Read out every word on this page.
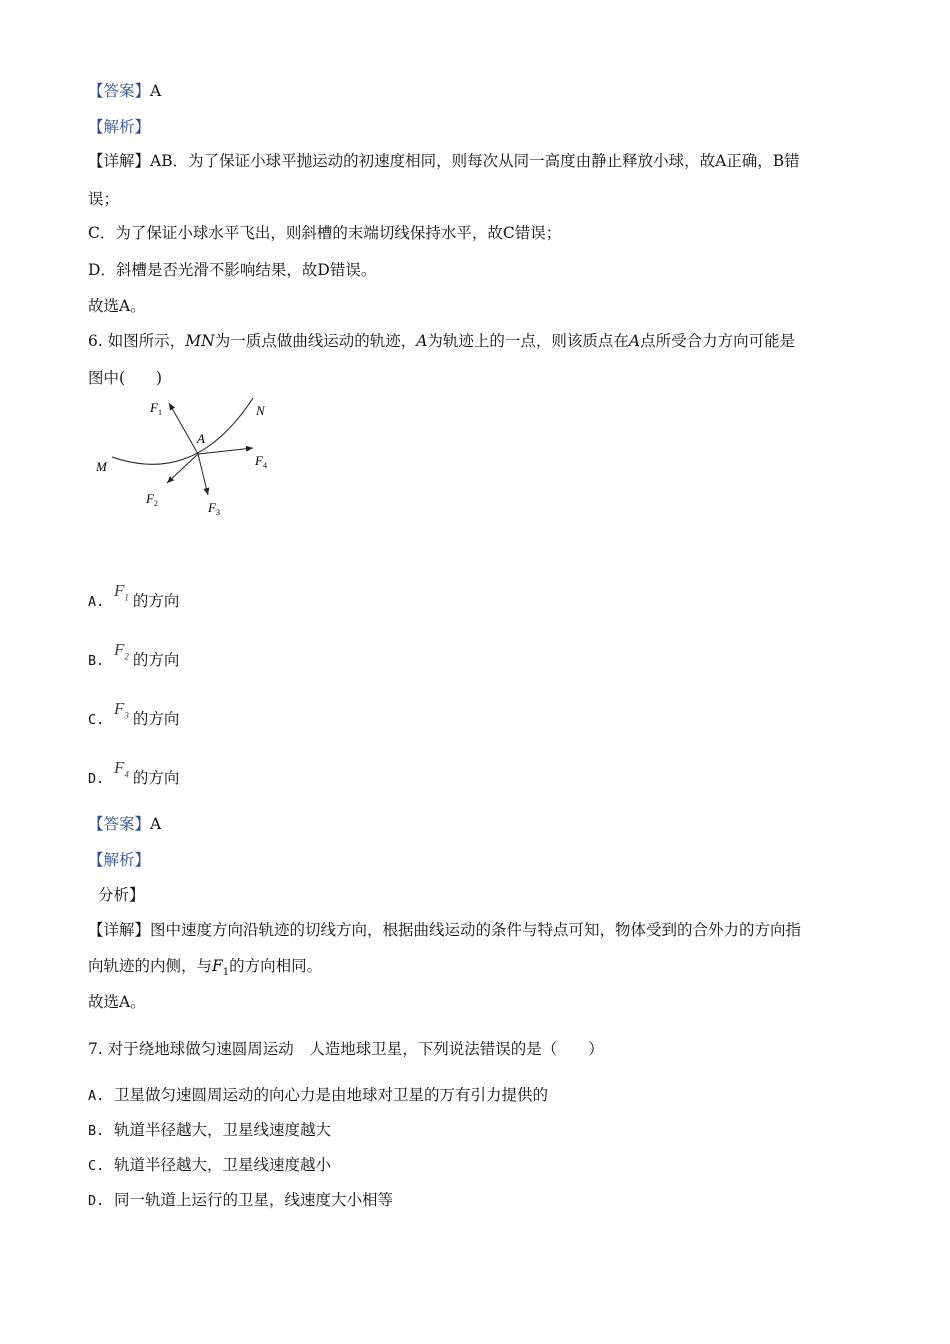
【答案】A
【解析】
【详解】AB．为了保证小球平抛运动的初速度相同，则每次从同一高度由静止释放小球，故A正确，B错
误；
C．为了保证小球水平飞出，则斜槽的末端切线保持水平，故C错误；
D．斜槽是否光滑不影响结果，故D错误。
故选A。
6. 如图所示，MN为一质点做曲线运动的轨迹，A为轨迹上的一点，则该质点在A点所受合力方向可能是
图中(　　)
M
N
A
$F_1$
$F_2$	$F_3$
$F_4$
$A.F_1$ 的方向
$B.F_2$ 的方向
$C.F_3$ 的方向
$D.F_4$ 的方向
【答案】A
【解析】
分析】
【详解】图中速度方向沿轨迹的切线方向，根据曲线运动的条件与特点可知，物体受到的合外力的方向指
向轨迹的内侧，与$F_1$的方向相同。
故选A。
7. 对于绕地球做匀速圆周运动　人造地球卫星，下列说法错误的是（　　）
A. 卫星做匀速圆周运动的向心力是由地球对卫星的万有引力提供的
B. 轨道半径越大，卫星线速度越大
C. 轨道半径越大，卫星线速度越小
D. 同一轨道上运行的卫星，线速度大小相等
